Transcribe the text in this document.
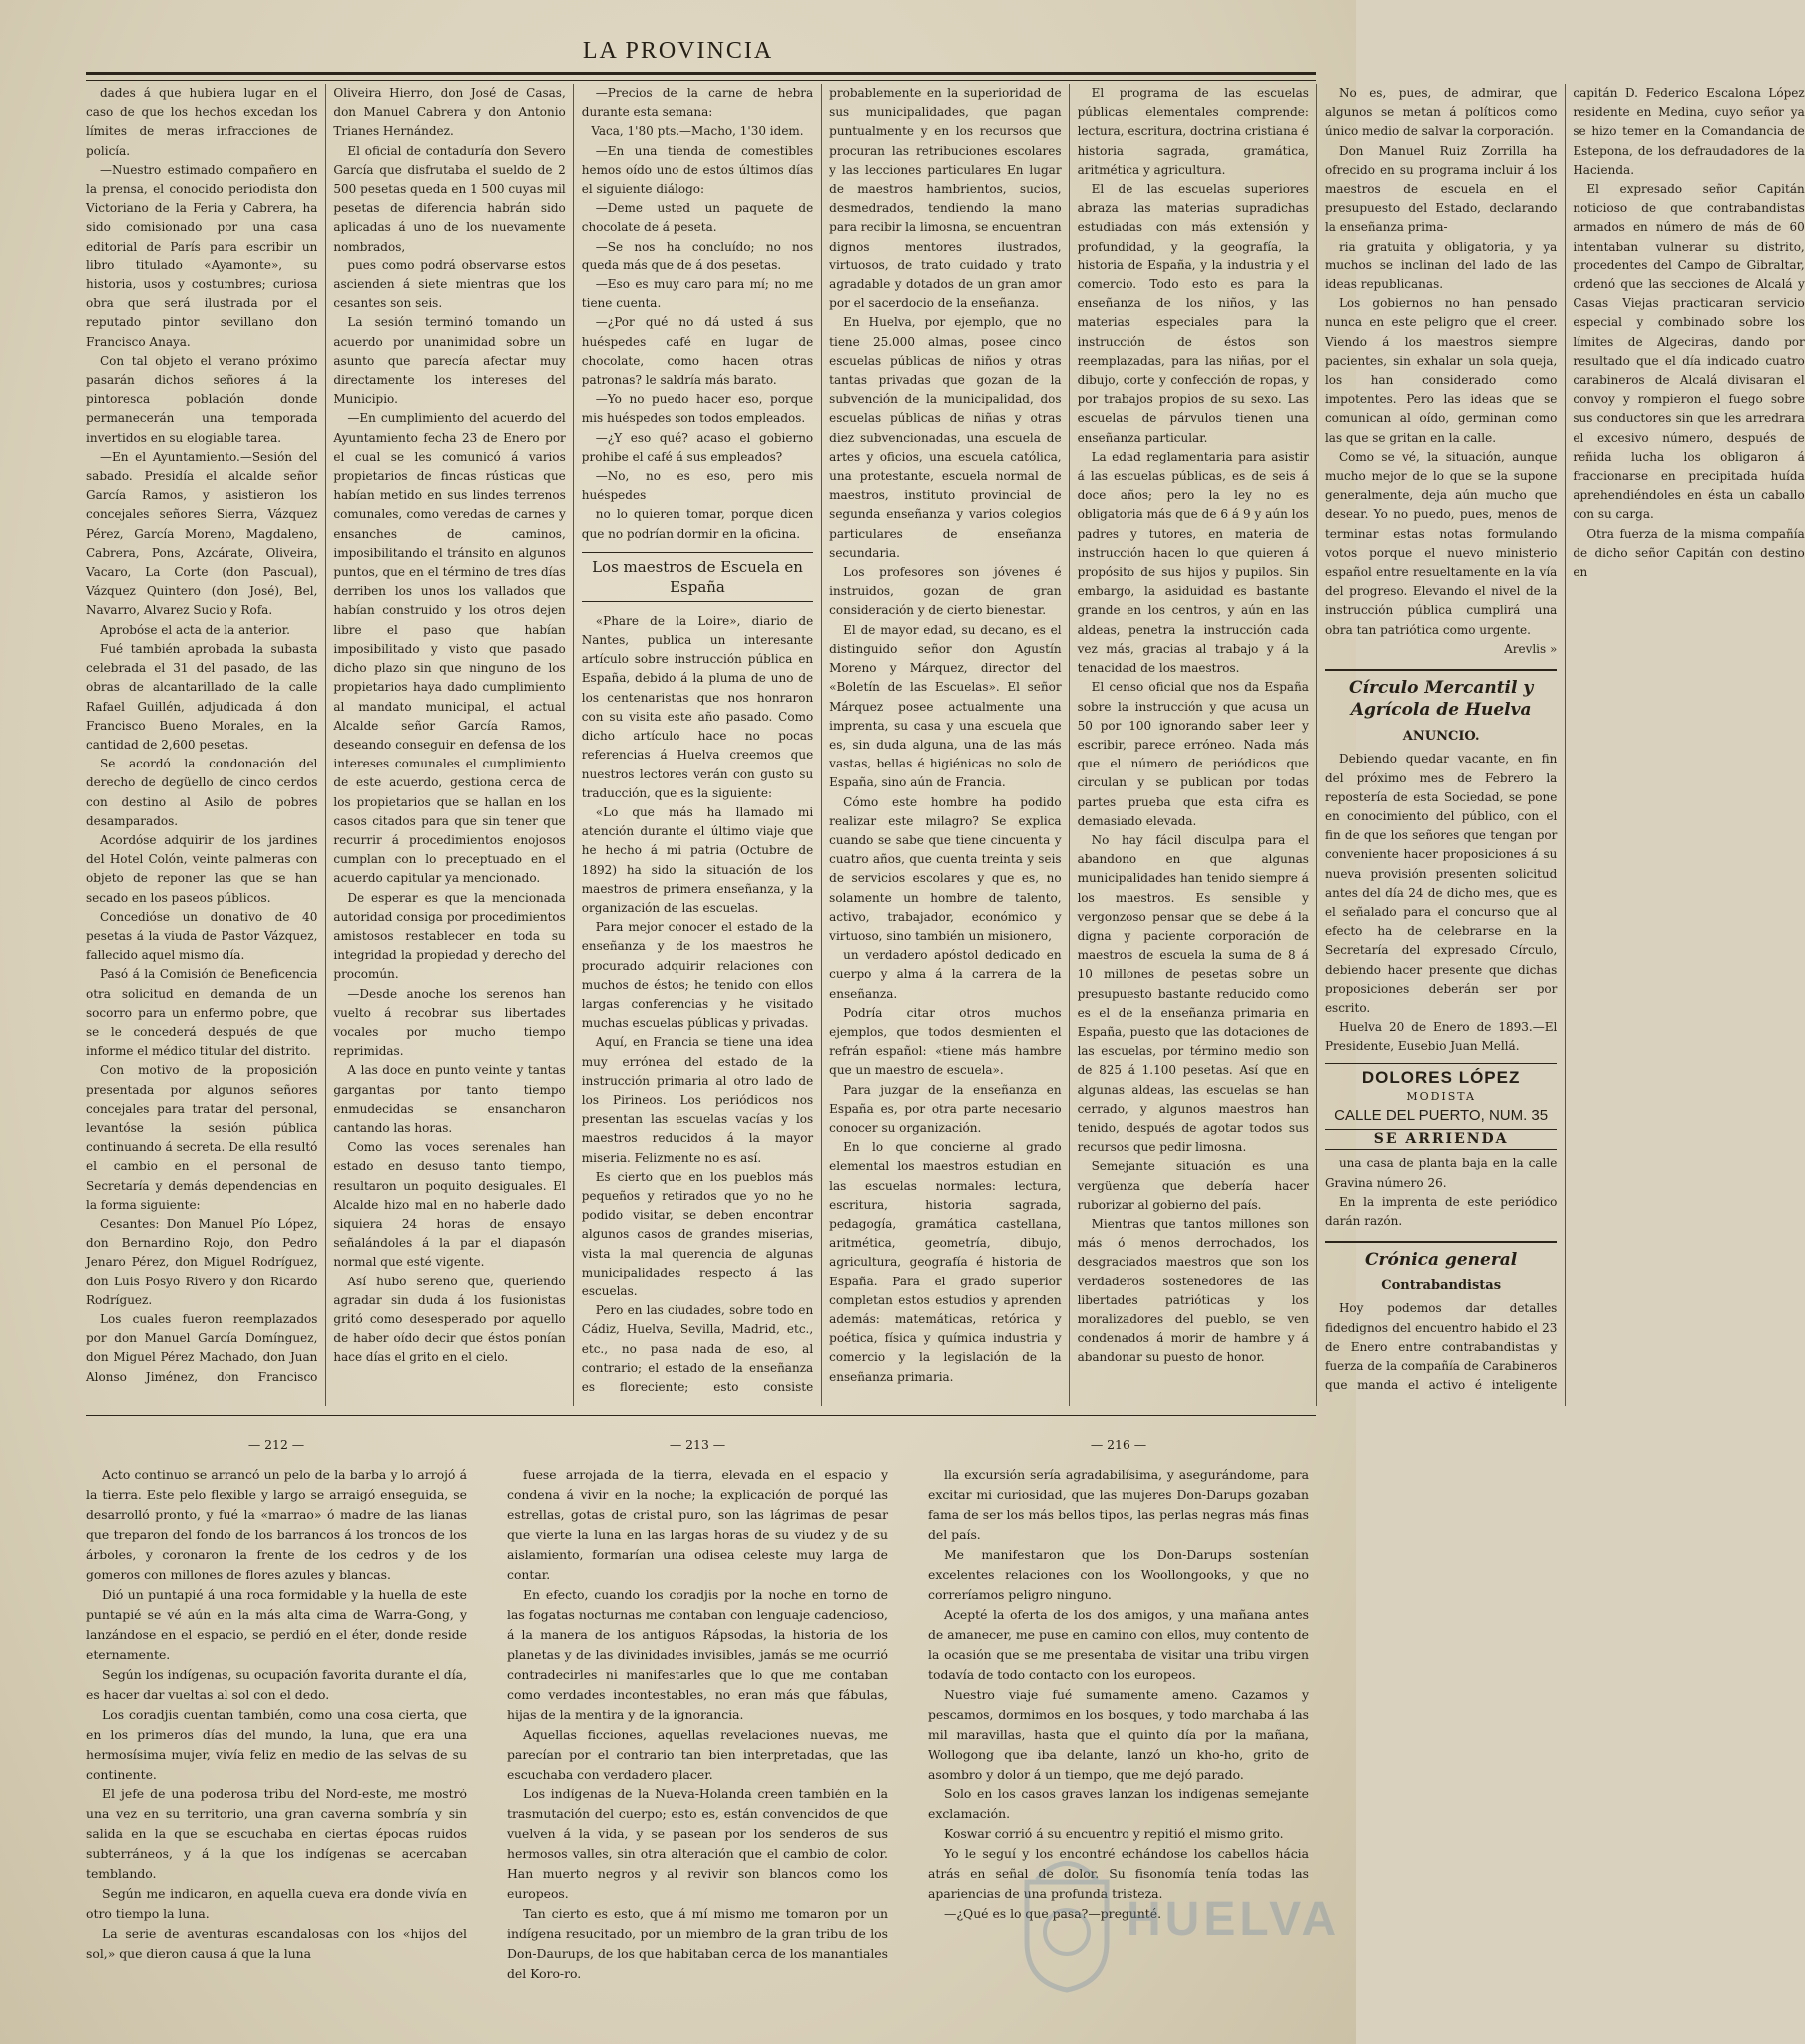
LA PROVINCIA

dades á que hubiera lugar en el caso de que los hechos excedan los límites de meras infracciones de policía.

—Nuestro estimado compañero en la prensa, el conocido periodista don Victoriano de la Feria y Cabrera, ha sido comisionado por una casa editorial de París para escribir un libro titulado «Ayamonte», su historia, usos y costumbres; curiosa obra que será ilustrada por el reputado pintor sevillano don Francisco Anaya.

Con tal objeto el verano próximo pasarán dichos señores á la pintoresca población donde permanecerán una temporada invertidos en su elogiable tarea.

—En el Ayuntamiento.—Sesión del sabado. Presidía el alcalde señor García Ramos, y asistieron los concejales señores Sierra, Vázquez Pérez, García Moreno, Magdaleno, Cabrera, Pons, Azcárate, Oliveira, Vacaro, La Corte (don Pascual), Vázquez Quintero (don José), Bel, Navarro, Alvarez Sucio y Rofa.

Aprobóse el acta de la anterior.

Fué también aprobada la subasta celebrada el 31 del pasado, de las obras de alcantarillado de la calle Rafael Guillén, adjudicada á don Francisco Bueno Morales, en la cantidad de 2,600 pesetas.

Se acordó la condonación del derecho de degüello de cinco cerdos con destino al Asilo de pobres desamparados.

Acordóse adquirir de los jardines del Hotel Colón, veinte palmeras con objeto de reponer las que se han secado en los paseos públicos.

Concedióse un donativo de 40 pesetas á la viuda de Pastor Vázquez, fallecido aquel mismo día.

Pasó á la Comisión de Beneficencia otra solicitud en demanda de un socorro para un enfermo pobre, que se le concederá después de que informe el médico titular del distrito.

Con motivo de la proposición presentada por algunos señores concejales para tratar del personal, levantóse la sesión pública continuando á secreta. De ella resultó el cambio en el personal de Secretaría y demás dependencias en la forma siguiente:

Cesantes: Don Manuel Pío López, don Bernardino Rojo, don Pedro Jenaro Pérez, don Miguel Rodríguez, don Luis Posyo Rivero y don Ricardo Rodríguez.

Los cuales fueron reemplazados por don Manuel García Domínguez, don Miguel Pérez Machado, don Juan Alonso Jiménez, don Francisco Oliveira Hierro, don José de Casas, don Manuel Cabrera y don Antonio Trianes Hernández.

El oficial de contaduría don Severo García que disfrutaba el sueldo de 2 500 pesetas queda en 1 500 cuyas mil pesetas de diferencia habrán sido aplicadas á uno de los nuevamente nombrados,

pues como podrá observarse estos ascienden á siete mientras que los cesantes son seis.

La sesión terminó tomando un acuerdo por unanimidad sobre un asunto que parecía afectar muy directamente los intereses del Municipio.

—En cumplimiento del acuerdo del Ayuntamiento fecha 23 de Enero por el cual se les comunicó á varios propietarios de fincas rústicas que habían metido en sus lindes terrenos comunales, como veredas de carnes y ensanches de caminos, imposibilitando el tránsito en algunos puntos, que en el término de tres días derriben los unos los vallados que habían construido y los otros dejen libre el paso que habían imposibilitado y visto que pasado dicho plazo sin que ninguno de los propietarios haya dado cumplimiento al mandato municipal, el actual Alcalde señor García Ramos, deseando conseguir en defensa de los intereses comunales el cumplimiento de este acuerdo, gestiona cerca de los propietarios que se hallan en los casos citados para que sin tener que recurrir á procedimientos enojosos cumplan con lo preceptuado en el acuerdo capitular ya mencionado.

De esperar es que la mencionada autoridad consiga por procedimientos amistosos restablecer en toda su integridad la propiedad y derecho del procomún.

—Desde anoche los serenos han vuelto á recobrar sus libertades vocales por mucho tiempo reprimidas.

A las doce en punto veinte y tantas gargantas por tanto tiempo enmudecidas se ensancharon cantando las horas.

Como las voces serenales han estado en desuso tanto tiempo, resultaron un poquito desiguales. El Alcalde hizo mal en no haberle dado siquiera 24 horas de ensayo señalándoles á la par el diapasón normal que esté vigente.

Así hubo sereno que, queriendo agradar sin duda á los fusionistas gritó como desesperado por aquello de haber oído decir que éstos ponían hace días el grito en el cielo.

—Precios de la carne de hebra durante esta semana:

Vaca, 1'80 pts.—Macho, 1'30 idem.

—En una tienda de comestibles hemos oído uno de estos últimos días el siguiente diálogo:

—Deme usted un paquete de chocolate de á peseta.

—Se nos ha concluído; no nos queda más que de á dos pesetas.

—Eso es muy caro para mí; no me tiene cuenta.

—¿Por qué no dá usted á sus huéspedes café en lugar de chocolate, como hacen otras patronas? le saldría más barato.

—Yo no puedo hacer eso, porque mis huéspedes son todos empleados.

—¿Y eso qué? acaso el gobierno prohibe el café á sus empleados?

—No, no es eso, pero mis huéspedes

no lo quieren tomar, porque dicen que no podrían dormir en la oficina.

Los maestros de Escuela en España

«Phare de la Loire», diario de Nantes, publica un interesante artículo sobre instrucción pública en España, debido á la pluma de uno de los centenaristas que nos honraron con su visita este año pasado. Como dicho artículo hace no pocas referencias á Huelva creemos que nuestros lectores verán con gusto su traducción, que es la siguiente:

«Lo que más ha llamado mi atención durante el último viaje que he hecho á mi patria (Octubre de 1892) ha sido la situación de los maestros de primera enseñanza, y la organización de las escuelas.

Para mejor conocer el estado de la enseñanza y de los maestros he procurado adquirir relaciones con muchos de éstos; he tenido con ellos largas conferencias y he visitado muchas escuelas públicas y privadas.

Aquí, en Francia se tiene una idea muy errónea del estado de la instrucción primaria al otro lado de los Pirineos. Los periódicos nos presentan las escuelas vacías y los maestros reducidos á la mayor miseria. Felizmente no es así.

Es cierto que en los pueblos más pequeños y retirados que yo no he podido visitar, se deben encontrar algunos casos de grandes miserias, vista la mal querencia de algunas municipalidades respecto á las escuelas.

Pero en las ciudades, sobre todo en Cádiz, Huelva, Sevilla, Madrid, etc., etc., no pasa nada de eso, al contrario; el estado de la enseñanza es floreciente; esto consiste probablemente en la superioridad de sus municipalidades, que pagan puntualmente y en los recursos que procuran las retribuciones escolares y las lecciones particulares En lugar de maestros hambrientos, sucios, desmedrados, tendiendo la mano para recibir la limosna, se encuentran dignos mentores ilustrados, virtuosos, de trato cuidado y trato agradable y dotados de un gran amor por el sacerdocio de la enseñanza.

En Huelva, por ejemplo, que no tiene 25.000 almas, posee cinco escuelas públicas de niños y otras tantas privadas que gozan de la subvención de la municipalidad, dos escuelas públicas de niñas y otras diez subvencionadas, una escuela de artes y oficios, una escuela católica, una protestante, escuela normal de maestros, instituto provincial de segunda enseñanza y varios colegios particulares de enseñanza secundaria.

Los profesores son jóvenes é instruidos, gozan de gran consideración y de cierto bienestar.

El de mayor edad, su decano, es el distinguido señor don Agustín Moreno y Márquez, director del «Boletín de las Escuelas». El señor Márquez posee actualmente una imprenta, su casa y una escuela que es, sin duda alguna, una de las más vastas, bellas é higiénicas no solo de España, sino aún de Francia.

Cómo este hombre ha podido realizar este milagro? Se explica cuando se sabe que tiene cincuenta y cuatro años, que cuenta treinta y seis de servicios escolares y que es, no solamente un hombre de talento, activo, trabajador, económico y virtuoso, sino también un misionero,

un verdadero apóstol dedicado en cuerpo y alma á la carrera de la enseñanza.

Podría citar otros muchos ejemplos, que todos desmienten el refrán español: «tiene más hambre que un maestro de escuela».

Para juzgar de la enseñanza en España es, por otra parte necesario conocer su organización.

En lo que concierne al grado elemental los maestros estudian en las escuelas normales: lectura, escritura, historia sagrada, pedagogía, gramática castellana, aritmética, geometría, dibujo, agricultura, geografía é historia de España. Para el grado superior completan estos estudios y aprenden además: matemáticas, retórica y poética, física y química industria y comercio y la legislación de la enseñanza primaria.

El programa de las escuelas públicas elementales comprende: lectura, escritura, doctrina cristiana é historia sagrada, gramática, aritmética y agricultura.

El de las escuelas superiores abraza las materias supradichas estudiadas con más extensión y profundidad, y la geografía, la historia de España, y la industria y el comercio. Todo esto es para la enseñanza de los niños, y las materias especiales para la instrucción de éstos son reemplazadas, para las niñas, por el dibujo, corte y confección de ropas, y por trabajos propios de su sexo. Las escuelas de párvulos tienen una enseñanza particular.

La edad reglamentaria para asistir á las escuelas públicas, es de seis á doce años; pero la ley no es obligatoria más que de 6 á 9 y aún los padres y tutores, en materia de instrucción hacen lo que quieren á propósito de sus hijos y pupilos. Sin embargo, la asiduidad es bastante grande en los centros, y aún en las aldeas, penetra la instrucción cada vez más, gracias al trabajo y á la tenacidad de los maestros.

El censo oficial que nos da España sobre la instrucción y que acusa un 50 por 100 ignorando saber leer y escribir, parece erróneo. Nada más que el número de periódicos que circulan y se publican por todas partes prueba que esta cifra es demasiado elevada.

No hay fácil disculpa para el abandono en que algunas municipalidades han tenido siempre á los maestros. Es sensible y vergonzoso pensar que se debe á la digna y paciente corporación de maestros de escuela la suma de 8 á 10 millones de pesetas sobre un presupuesto bastante reducido como es el de la enseñanza primaria en España, puesto que las dotaciones de las escuelas, por término medio son de 825 á 1.100 pesetas. Así que en algunas aldeas, las escuelas se han cerrado, y algunos maestros han tenido, después de agotar todos sus recursos que pedir limosna.

Semejante situación es una vergüenza que debería hacer ruborizar al gobierno del país.

Mientras que tantos millones son más ó menos derrochados, los desgraciados maestros que son los verdaderos sostenedores de las libertades patrióticas y los moralizadores del pueblo, se ven condenados á morir de hambre y á abandonar su puesto de honor.

No es, pues, de admirar, que algunos se metan á políticos como único medio de salvar la corporación.

Don Manuel Ruiz Zorrilla ha ofrecido en su programa incluir á los maestros de escuela en el presupuesto del Estado, declarando la enseñanza prima-

ria gratuita y obligatoria, y ya muchos se inclinan del lado de las ideas republicanas.

Los gobiernos no han pensado nunca en este peligro que el creer. Viendo á los maestros siempre pacientes, sin exhalar un sola queja, los han considerado como impotentes. Pero las ideas que se comunican al oído, germinan como las que se gritan en la calle.

Como se vé, la situación, aunque mucho mejor de lo que se la supone generalmente, deja aún mucho que desear. Yo no puedo, pues, menos de terminar estas notas formulando votos porque el nuevo ministerio español entre resueltamente en la vía del progreso. Elevando el nivel de la instrucción pública cumplirá una obra tan patriótica como urgente.

Arevlis »

Círculo Mercantil y Agrícola de Huelva
ANUNCIO.

Debiendo quedar vacante, en fin del próximo mes de Febrero la repostería de esta Sociedad, se pone en conocimiento del público, con el fin de que los señores que tengan por conveniente hacer proposiciones á su nueva provisión presenten solicitud antes del día 24 de dicho mes, que es el señalado para el concurso que al efecto ha de celebrarse en la Secretaría del expresado Círculo, debiendo hacer presente que dichas proposiciones deberán ser por escrito.

Huelva 20 de Enero de 1893.—El Presidente, Eusebio Juan Mellá.

DOLORES LÓPEZ
MODISTA
CALLE DEL PUERTO, NUM. 35
SE ARRIENDA

una casa de planta baja en la calle Gravina número 26.

En la imprenta de este periódico darán razón.

Crónica general
Contrabandistas

Hoy podemos dar detalles fidedignos del encuentro habido el 23 de Enero entre contrabandistas y fuerza de la compañía de Carabineros que manda el activo é inteligente capitán D. Federico Escalona López residente en Medina, cuyo señor ya se hizo temer en la Comandancia de Estepona, de los defraudadores de la Hacienda.

El expresado señor Capitán noticioso de que contrabandistas armados en número de más de 60 intentaban vulnerar su distrito, procedentes del Campo de Gibraltar, ordenó que las secciones de Alcalá y Casas Viejas practicaran servicio especial y combinado sobre los límites de Algeciras, dando por resultado que el día indicado cuatro carabineros de Alcalá divisaran el convoy y rompieron el fuego sobre sus conductores sin que les arredrara el excesivo número, después de reñida lucha los obligaron á fraccionarse en precipitada huída aprehendiéndoles en ésta un caballo con su carga.

Otra fuerza de la misma compañía de dicho señor Capitán con destino en

— 212 —

Acto continuo se arrancó un pelo de la barba y lo arrojó á la tierra. Este pelo flexible y largo se arraigó enseguida, se desarrolló pronto, y fué la «marrao» ó madre de las lianas que treparon del fondo de los barrancos á los troncos de los árboles, y coronaron la frente de los cedros y de los gomeros con millones de flores azules y blancas.

Dió un puntapié á una roca formidable y la huella de este puntapié se vé aún en la más alta cima de Warra-Gong, y lanzándose en el espacio, se perdió en el éter, donde reside eternamente.

Según los indígenas, su ocupación favorita durante el día, es hacer dar vueltas al sol con el dedo.

Los coradjis cuentan también, como una cosa cierta, que en los primeros días del mundo, la luna, que era una hermosísima mujer, vivía feliz en medio de las selvas de su continente.

El jefe de una poderosa tribu del Nord-este, me mostró una vez en su territorio, una gran caverna sombría y sin salida en la que se escuchaba en ciertas épocas ruidos subterráneos, y á la que los indígenas se acercaban temblando.

Según me indicaron, en aquella cueva era donde vivía en otro tiempo la luna.

La serie de aventuras escandalosas con los «hijos del sol,» que dieron causa á que la luna

— 213 —

fuese arrojada de la tierra, elevada en el espacio y condena á vivir en la noche; la explicación de porqué las estrellas, gotas de cristal puro, son las lágrimas de pesar que vierte la luna en las largas horas de su viudez y de su aislamiento, formarían una odisea celeste muy larga de contar.

En efecto, cuando los coradjis por la noche en torno de las fogatas nocturnas me contaban con lenguaje cadencioso, á la manera de los antiguos Rápsodas, la historia de los planetas y de las divinidades invisibles, jamás se me ocurrió contradecirles ni manifestarles que lo que me contaban como verdades incontestables, no eran más que fábulas, hijas de la mentira y de la ignorancia.

Aquellas ficciones, aquellas revelaciones nuevas, me parecían por el contrario tan bien interpretadas, que las escuchaba con verdadero placer.

Los indígenas de la Nueva-Holanda creen también en la trasmutación del cuerpo; esto es, están convencidos de que vuelven á la vida, y se pasean por los senderos de sus hermosos valles, sin otra alteración que el cambio de color. Han muerto negros y al revivir son blancos como los europeos.

Tan cierto es esto, que á mí mismo me tomaron por un indígena resucitado, por un miembro de la gran tribu de los Don-Daurups, de los que habitaban cerca de los manantiales del Koro-ro.

— 216 —

lla excursión sería agradabilísima, y asegurándome, para excitar mi curiosidad, que las mujeres Don-Darups gozaban fama de ser los más bellos tipos, las perlas negras más finas del país.

Me manifestaron que los Don-Darups sostenían excelentes relaciones con los Woollongooks, y que no correríamos peligro ninguno.

Acepté la oferta de los dos amigos, y una mañana antes de amanecer, me puse en camino con ellos, muy contento de la ocasión que se me presentaba de visitar una tribu virgen todavía de todo contacto con los europeos.

Nuestro viaje fué sumamente ameno. Cazamos y pescamos, dormimos en los bosques, y todo marchaba á las mil maravillas, hasta que el quinto día por la mañana, Wollogong que iba delante, lanzó un kho-ho, grito de asombro y dolor á un tiempo, que me dejó parado.

Solo en los casos graves lanzan los indígenas semejante exclamación.

Koswar corrió á su encuentro y repitió el mismo grito.

Yo le seguí y los encontré echándose los cabellos hácia atrás en señal de dolor. Su fisonomía tenía todas las apariencias de una profunda tristeza.

—¿Qué es lo que pasa?—pregunté.

HUELVA
